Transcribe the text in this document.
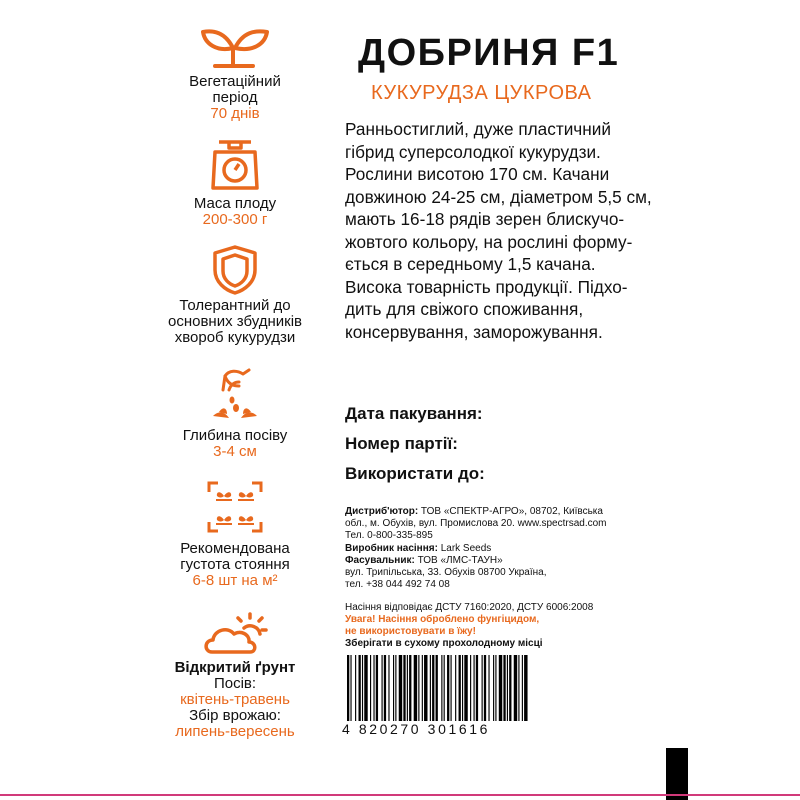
Вегетаційний
період
70 днів
Маса плоду
200-300 г
Толерантний до
основних збудників
хвороб кукурудзи
Глибина посіву
3-4 см
Рекомендована
густота стояння
6-8 шт на м²
Відкритий ґрунт
Посів:
квітень-травень
Збір врожаю:
липень-вересень
ДОБРИНЯ F1
КУКУРУДЗА ЦУКРОВА
Ранньостиглий, дуже пластичний
гібрид суперсолодкої кукурудзи.
Рослини висотою 170 см. Качани
довжиною 24-25 см, діаметром 5,5 см,
мають 16-18 рядів зерен блискучо-
жовтого кольору, на рослині форму-
ється в середньому 1,5 качана.
Висока товарність продукції. Підхо-
дить для свіжого споживання,
консервування, заморожування.
Дата пакування:
Номер партії:
Використати до:
Дистриб'ютор: ТОВ «СПЕКТР-АГРО», 08702, Київська
обл., м. Обухів, вул. Промислова 20. www.spectrsad.com
Тел. 0-800-335-895
Виробник насіння: Lark Seeds
Фасувальник: ТОВ «ЛМС-ТАУН»
вул. Трипільська, 33. Обухів 08700 Україна,
тел. +38 044 492 74 08
Насіння відповідає ДСТУ 7160:2020, ДСТУ 6006:2008
Увага! Насіння оброблено фунгіцидом,
не використовувати в їжу!
Зберігати в сухому прохолодному місці
4 820270 301616
